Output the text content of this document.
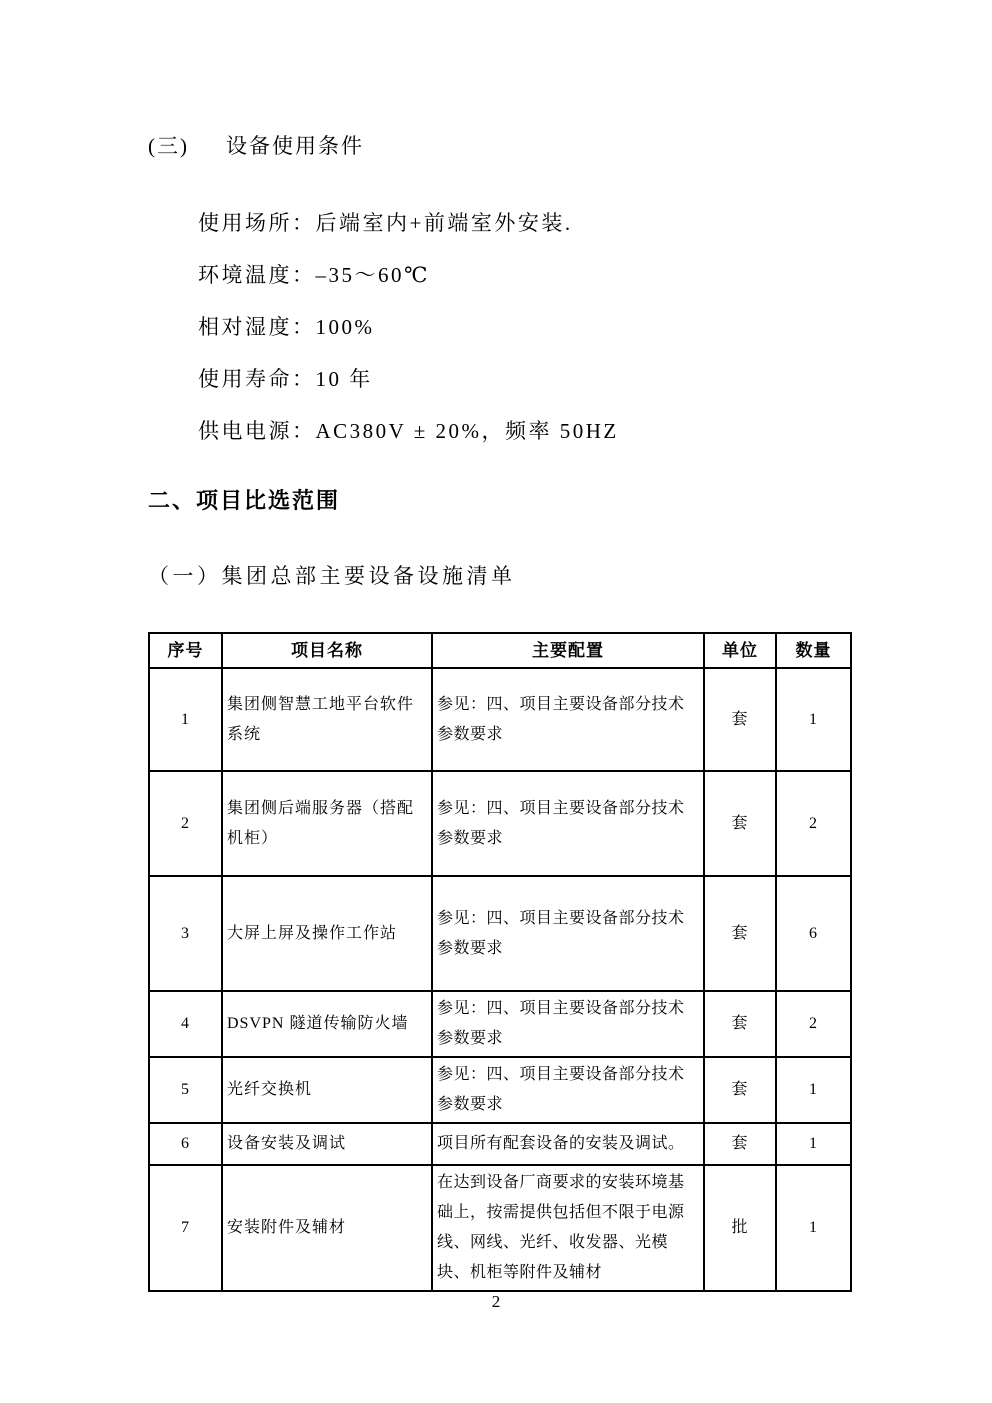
(三) 设备使用条件
使用场所：后端室内+前端室外安装.
环境温度：–35～60℃
相对湿度：100%
使用寿命：10 年
供电电源：AC380V ± 20%，频率 50HZ
二、项目比选范围
（一）集团总部主要设备设施清单
序号	项目名称	主要配置	单位	数量
1	集团侧智慧工地平台软件系统	参见：四、项目主要设备部分技术参数要求	套	1
2	集团侧后端服务器（搭配机柜）	参见：四、项目主要设备部分技术参数要求	套	2
3	大屏上屏及操作工作站	参见：四、项目主要设备部分技术参数要求	套	6
4	DSVPN 隧道传输防火墙	参见：四、项目主要设备部分技术参数要求	套	2
5	光纤交换机	参见：四、项目主要设备部分技术参数要求	套	1
6	设备安装及调试	项目所有配套设备的安装及调试。	套	1
7	安装附件及辅材	在达到设备厂商要求的安装环境基础上，按需提供包括但不限于电源线、网线、光纤、收发器、光模块、机柜等附件及辅材	批	1
2
